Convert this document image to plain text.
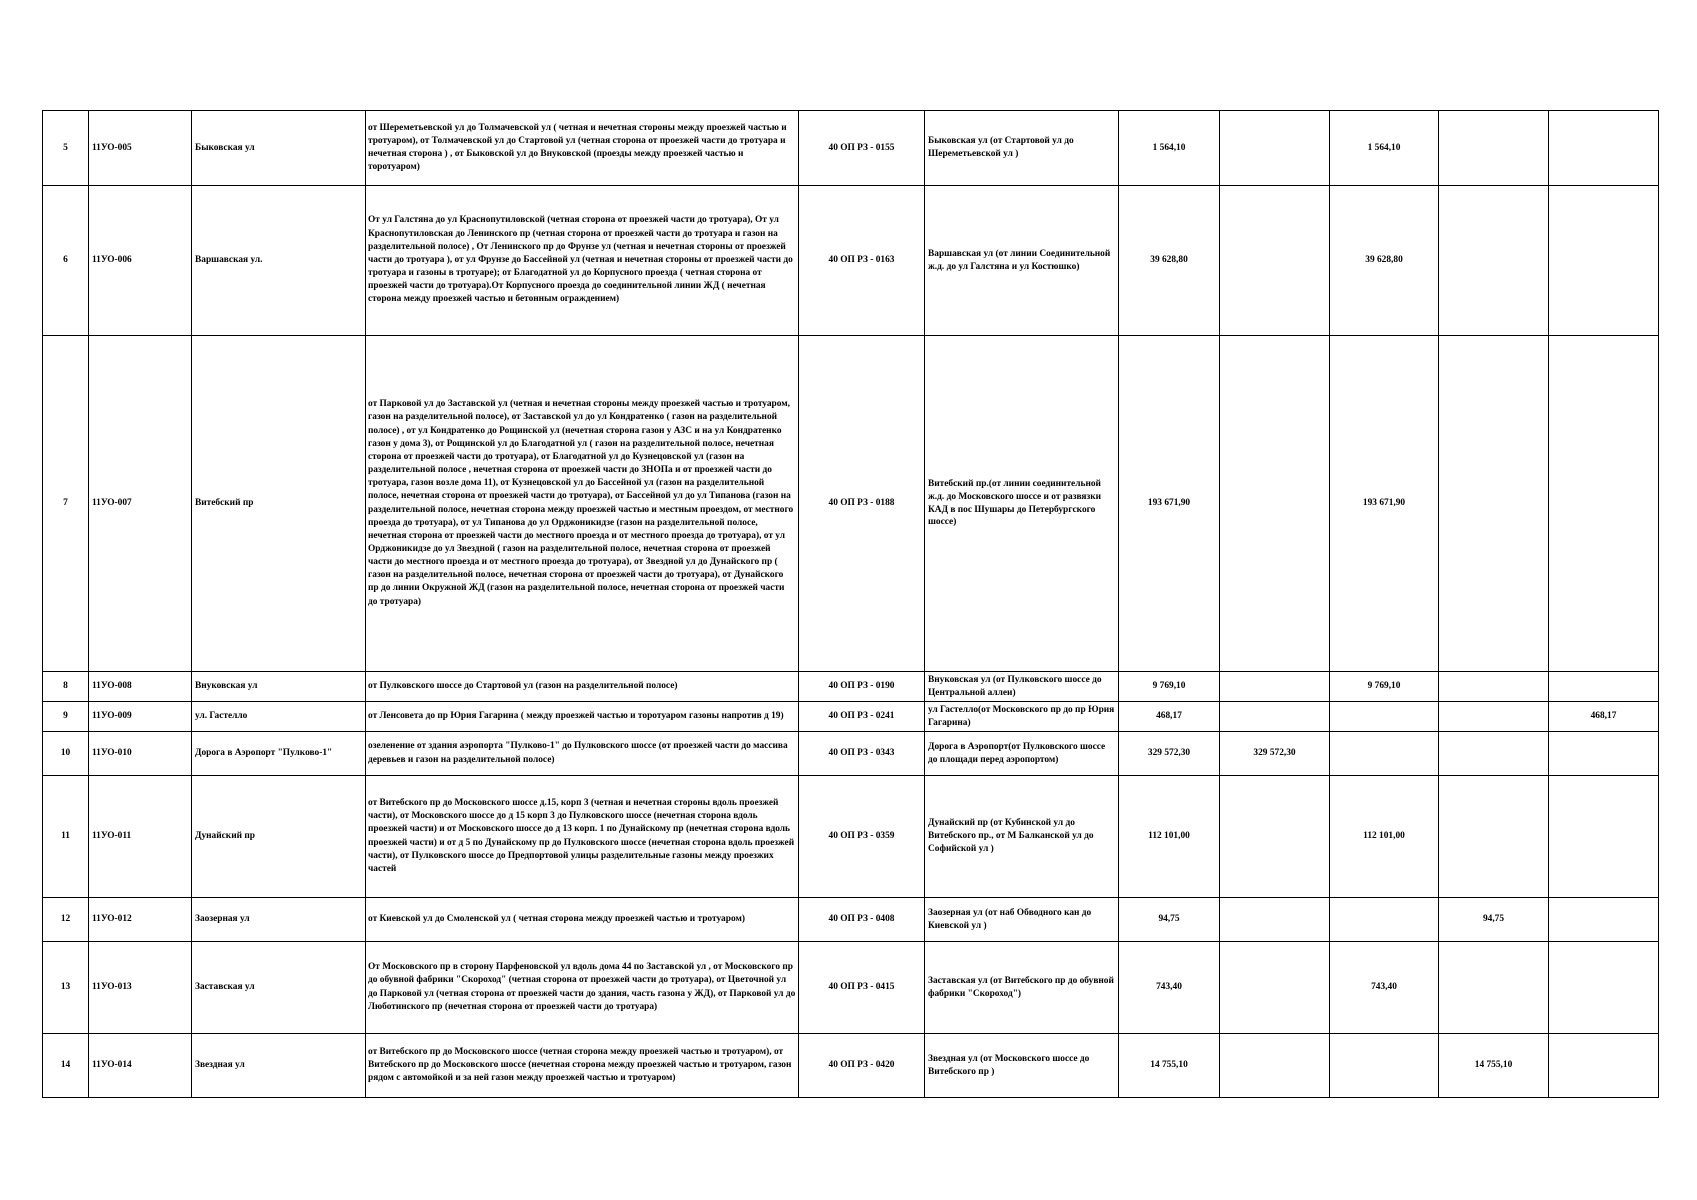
5	11УО-005	Быковская ул	от Шереметьевской ул до Толмачевской ул ( четная и нечетная стороны между проезжей частью и тротуаром), от Толмачевской ул до Стартовой ул (четная сторона от проезжей части до тротуара и нечетная сторона ) , от Быковской ул до Внуковской (проезды между проезжей частью и торотуаром)	40 ОП РЗ - 0155	Быковская ул (от Стартовой ул до Шереметьевской ул )	1 564,10		1 564,10		
6	11УО-006	Варшавская ул.	От ул Галстяна до ул Краснопутиловской (четная сторона от проезжей части до тротуара), От ул Краснопутиловская до Ленинского пр (четная сторона от проезжей части до тротуара и газон на разделительной полосе) , От Ленинского пр до Фрунзе ул (четная и нечетная стороны от проезжей части до тротуара ), от ул Фрунзе до Бассейной ул (четная и нечетная стороны от проезжей части до тротуара и газоны в тротуаре); от Благодатной ул до Корпусного проезда ( четная сторона от проезжей части до тротуара).От Корпусного проезда до соединительной линии ЖД ( нечетная сторона между проезжей частью и бетонным ограждением)	40 ОП РЗ - 0163	Варшавская ул (от линии Соединительной ж.д. до ул Галстяна и ул Костюшко)	39 628,80		39 628,80		
7	11УО-007	Витебский пр	от Парковой ул до Заставской ул (четная и нечетная стороны между проезжей частью и тротуаром, газон на разделительной полосе), от Заставской ул до ул Кондратенко ( газон на разделительной полосе) , от ул Кондратенко до Рощинской ул (нечетная сторона газон у АЗС и на ул Кондратенко газон у дома 3), от Рощинской ул до Благодатной ул ( газон на разделительной полосе, нечетная сторона от проезжей части до тротуара), от Благодатной ул до Кузнецовской ул (газон на разделительной полосе , нечетная сторона от проезжей части до ЗНОПа и от проезжей части до тротуара, газон возле дома 11), от Кузнецовской ул до Бассейной ул (газон на разделительной полосе, нечетная сторона от проезжей части до тротуара), от Бассейной ул до ул Типанова (газон на разделительной полосе, нечетная сторона между проезжей частью и местным проездом, от местного проезда до тротуара), от ул Типанова до ул Орджоникидзе (газон на разделительной полосе, нечетная сторона от проезжей части до местного проезда и от местного проезда до тротуара), от ул Орджоникидзе до ул Звездной ( газон на разделительной полосе, нечетная сторона от проезжей части до местного проезда и от местного проезда до тротуара), от Звездной ул до Дунайского пр ( газон на разделительной полосе, нечетная сторона от проезжей части до тротуара), от Дунайского пр до линии Окружной ЖД (газон на разделительной полосе, нечетная сторона от проезжей части до тротуара)	40 ОП РЗ - 0188	Витебский пр.(от линии соединительной ж.д. до Московского шоссе и от развязки КАД в пос Шушары до Петербургского шоссе)	193 671,90		193 671,90		
8	11УО-008	Внуковская ул	от Пулковского шоссе до Стартовой ул (газон на разделительной полосе)	40 ОП РЗ - 0190	Внуковская ул (от Пулковского шоссе до Центральной аллеи)	9 769,10		9 769,10		
9	11УО-009	ул. Гастелло	от Ленсовета до пр Юрия Гагарина ( между проезжей частью и торотуаром газоны напротив д 19)	40 ОП РЗ - 0241	ул Гастелло(от Московского пр до пр Юрия Гагарина)	468,17				468,17
10	11УО-010	Дорога в Аэропорт "Пулково-1"	озеленение от здания аэропорта "Пулково-1" до Пулковского шоссе (от проезжей части до массива деревьев и газон на разделительной полосе)	40 ОП РЗ - 0343	Дорога в Аэропорт(от Пулковского шоссе до площади перед аэропортом)	329 572,30	329 572,30			
11	11УО-011	Дунайский пр	от Витебского пр до Московского шоссе д.15, корп 3 (четная и нечетная стороны вдоль проезжей части), от Московского шоссе до д 15 корп 3 до Пулковского шоссе (нечетная сторона вдоль проезжей части) и от Московского шоссе до д 13 корп. 1 по Дунайскому пр (нечетная сторона вдоль проезжей части) и от д 5 по Дунайскому пр до Пулковского шоссе (нечетная сторона вдоль проезжей части), от Пулковского шоссе до Предпортовой улицы разделительные газоны между проезжих частей	40 ОП РЗ - 0359	Дунайский пр (от Кубинской ул до Витебского пр., от М Балканской ул до Софийской ул )	112 101,00		112 101,00		
12	11УО-012	Заозерная ул	от Киевской ул до Смоленской ул ( четная сторона между проезжей частью и тротуаром)	40 ОП РЗ - 0408	Заозерная ул (от наб Обводного кан до Киевской ул )	94,75			94,75	
13	11УО-013	Заставская ул	От Московского пр в сторону Парфеновской ул вдоль дома 44 по Заставской ул , от Московского пр до обувной фабрики "Скороход" (четная сторона от проезжей части до тротуара), от Цветочной ул до Парковой ул (четная сторона от проезжей части до здания, часть газона у ЖД), от Парковой ул до Люботинского пр (нечетная сторона от проезжей части до тротуара)	40 ОП РЗ - 0415	Заставская ул (от Витебского пр до обувной фабрики "Скороход")	743,40		743,40		
14	11УО-014	Звездная ул	от Витебского пр до Московского шоссе (четная сторона между проезжей частью и тротуаром), от Витебского пр до Московского шоссе (нечетная сторона между проезжей частью и тротуаром, газон рядом с автомойкой и за ней газон между проезжей частью и тротуаром)	40 ОП РЗ - 0420	Звездная ул (от Московского шоссе до Витебского пр )	14 755,10			14 755,10	
